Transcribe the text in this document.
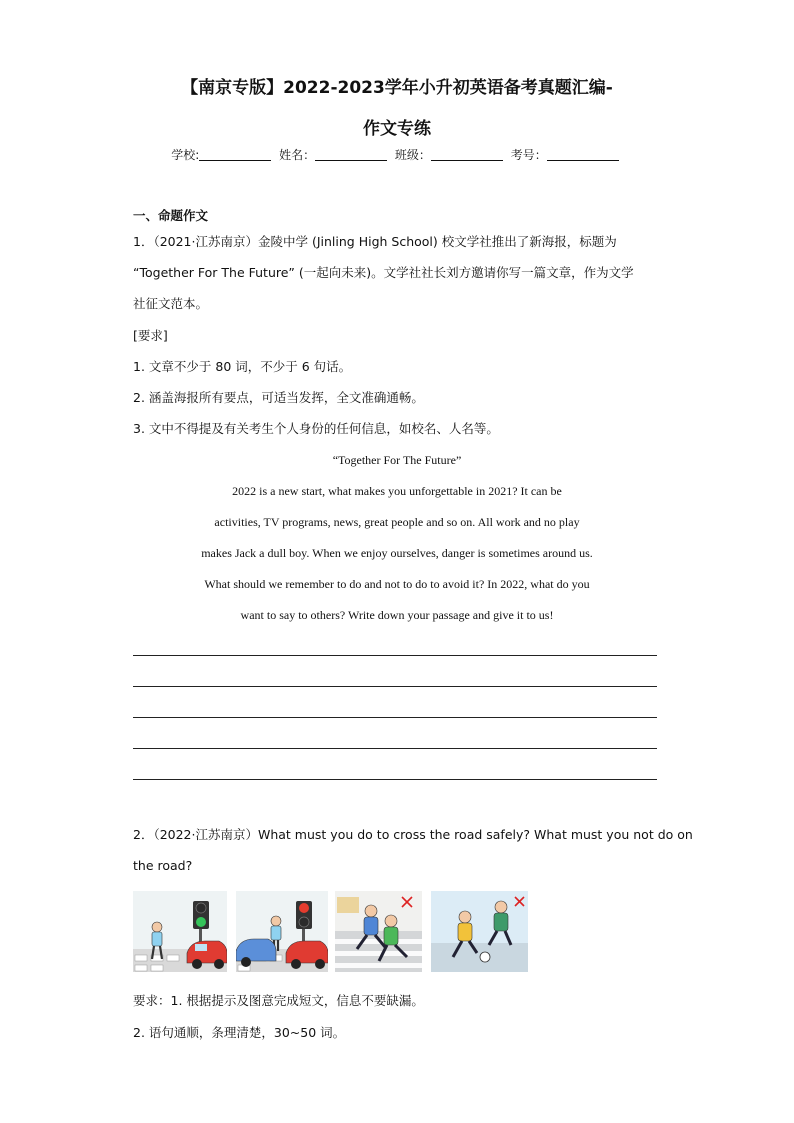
【南京专版】2022-2023学年小升初英语备考真题汇编-
作文专练
学校:	姓名：	班级：	考号：
一、命题作文
1．（2021·江苏南京）金陵中学 (Jinling High School) 校文学社推出了新海报，标题为
“Together For The Future” (一起向未来)。文学社社长刘方邀请你写一篇文章，作为文学
社征文范本。
[要求]
1. 文章不少于 80 词，不少于 6 句话。
2. 涵盖海报所有要点，可适当发挥，全文准确通畅。
3. 文中不得提及有关考生个人身份的任何信息，如校名、人名等。
“Together For The Future”
2022 is a new start, what makes you unforgettable in 2021? It can be
activities, TV programs, news, great people and so on. All work and no play
makes Jack a dull boy. When we enjoy ourselves, danger is sometimes around us.
What should we remember to do and not to do to avoid it? In 2022, what do you
want to say to others? Write down your passage and give it to us!
2．（2022·江苏南京）What must you do to cross the road safely? What must you not do on
the road?
要求：1. 根据提示及图意完成短文，信息不要缺漏。
2. 语句通顺，条理清楚，30~50 词。
